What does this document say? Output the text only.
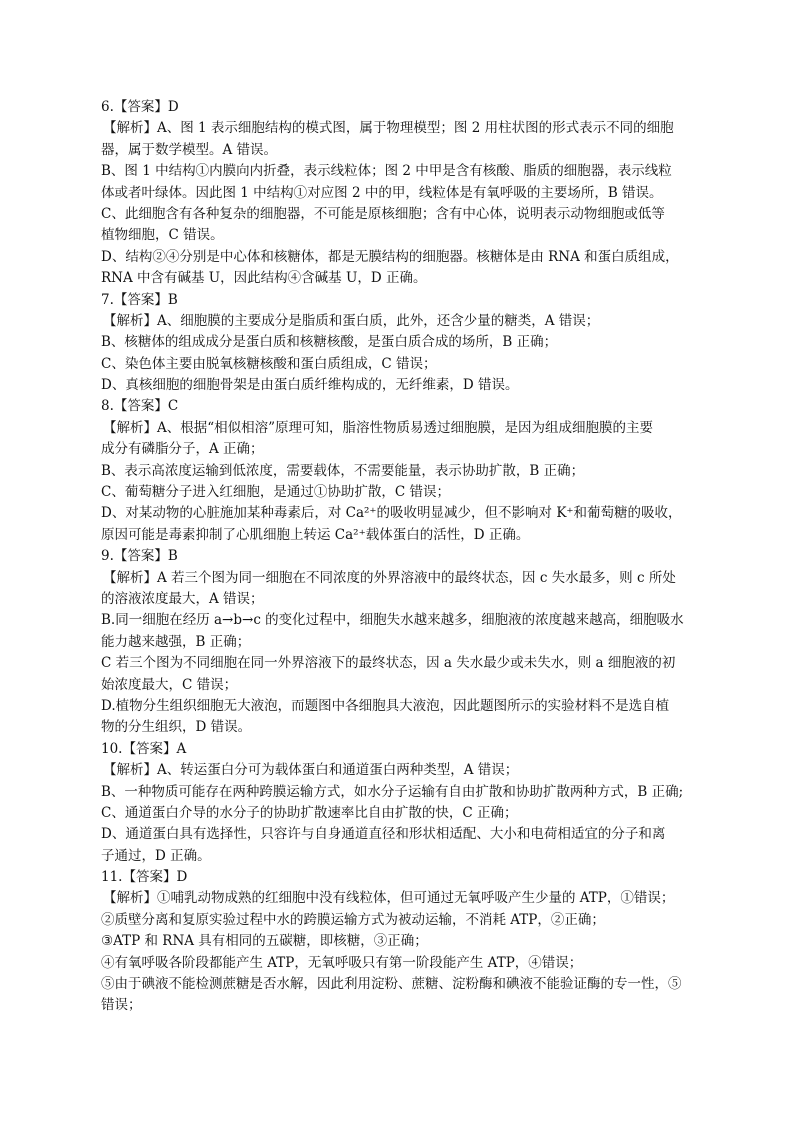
6.【答案】D
【解析】A、图 1 表示细胞结构的模式图，属于物理模型；图 2 用柱状图的形式表示不同的细胞
器，属于数学模型。A 错误。
B、图 1 中结构①内膜向内折叠，表示线粒体；图 2 中甲是含有核酸、脂质的细胞器，表示线粒
体或者叶绿体。因此图 1 中结构①对应图 2 中的甲，线粒体是有氧呼吸的主要场所，B 错误。
C、此细胞含有各种复杂的细胞器，不可能是原核细胞；含有中心体，说明表示动物细胞或低等
植物细胞，C 错误。
D、结构②④分别是中心体和核糖体，都是无膜结构的细胞器。核糖体是由 RNA 和蛋白质组成，
RNA 中含有碱基 U，因此结构④含碱基 U，D 正确。
7.【答案】B
【解析】A、细胞膜的主要成分是脂质和蛋白质，此外，还含少量的糖类，A 错误；
B、核糖体的组成成分是蛋白质和核糖核酸，是蛋白质合成的场所，B 正确；
C、染色体主要由脱氧核糖核酸和蛋白质组成，C 错误；
D、真核细胞的细胞骨架是由蛋白质纤维构成的，无纤维素，D 错误。
8.【答案】C
【解析】A、根据“相似相溶”原理可知，脂溶性物质易透过细胞膜，是因为组成细胞膜的主要
成分有磷脂分子，A 正确；
B、表示高浓度运输到低浓度，需要载体，不需要能量，表示协助扩散，B 正确；
C、葡萄糖分子进入红细胞，是通过①协助扩散，C 错误；
D、对某动物的心脏施加某种毒素后，对 Ca²⁺的吸收明显减少，但不影响对 K⁺和葡萄糖的吸收，
原因可能是毒素抑制了心肌细胞上转运 Ca²⁺载体蛋白的活性，D 正确。
9.【答案】B
【解析】A 若三个图为同一细胞在不同浓度的外界溶液中的最终状态，因 c 失水最多，则 c 所处
的溶液浓度最大，A 错误；
B.同一细胞在经历 a→b→c 的变化过程中，细胞失水越来越多，细胞液的浓度越来越高，细胞吸水
能力越来越强，B 正确；
C 若三个图为不同细胞在同一外界溶液下的最终状态，因 a 失水最少或未失水，则 a 细胞液的初
始浓度最大，C 错误；
D.植物分生组织细胞无大液泡，而题图中各细胞具大液泡，因此题图所示的实验材料不是选自植
物的分生组织，D 错误。
10.【答案】A
【解析】A、转运蛋白分可为载体蛋白和通道蛋白两种类型，A 错误；
B、一种物质可能存在两种跨膜运输方式，如水分子运输有自由扩散和协助扩散两种方式，B 正确;
C、通道蛋白介导的水分子的协助扩散速率比自由扩散的快，C 正确；
D、通道蛋白具有选择性，只容许与自身通道直径和形状相适配、大小和电荷相适宜的分子和离
子通过，D 正确。
11.【答案】D
【解析】①哺乳动物成熟的红细胞中没有线粒体，但可通过无氧呼吸产生少量的 ATP，①错误；
②质壁分离和复原实验过程中水的跨膜运输方式为被动运输，不消耗 ATP，②正确；
③ATP 和 RNA 具有相同的五碳糖，即核糖，③正确；
④有氧呼吸各阶段都能产生 ATP，无氧呼吸只有第一阶段能产生 ATP，④错误；
⑤由于碘液不能检测蔗糖是否水解，因此利用淀粉、蔗糖、淀粉酶和碘液不能验证酶的专一性，⑤
错误；
